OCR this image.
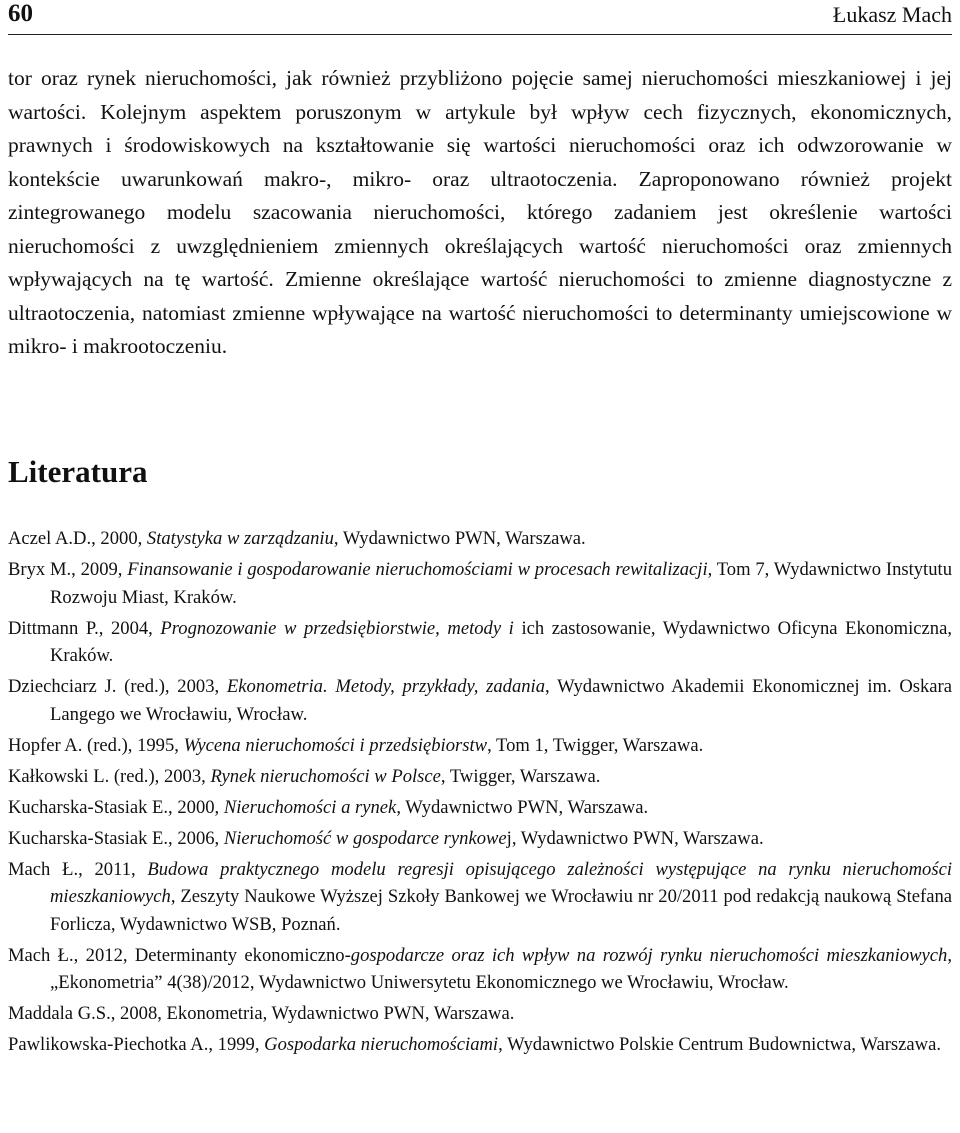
60	Łukasz Mach

tor oraz rynek nieruchomości, jak również przybliżono pojęcie samej nieruchomości mieszkaniowej i jej wartości. Kolejnym aspektem poruszonym w artykule był wpływ cech fizycznych, ekonomicznych, prawnych i środowiskowych na kształtowanie się wartości nieruchomości oraz ich odwzorowanie w kontekście uwarunkowań makro-, mikro- oraz ultraotoczenia. Zaproponowano również projekt zintegrowanego modelu szacowania nieruchomości, którego zadaniem jest określenie wartości nieruchomości z uwzględnieniem zmiennych określających wartość nieruchomości oraz zmiennych wpływających na tę wartość. Zmienne określające wartość nieruchomości to zmienne diagnostyczne z ultraotoczenia, natomiast zmienne wpływające na wartość nieruchomości to determinanty umiejscowione w mikro- i makrootoczeniu.

Literatura
Aczel A.D., 2000, Statystyka w zarządzaniu, Wydawnictwo PWN, Warszawa.
Bryx M., 2009, Finansowanie i gospodarowanie nieruchomościami w procesach rewitalizacji, Tom 7, Wydawnictwo Instytutu Rozwoju Miast, Kraków.
Dittmann P., 2004, Prognozowanie w przedsiębiorstwie, metody i ich zastosowanie, Wydawnictwo Oficyna Ekonomiczna, Kraków.
Dziechciarz J. (red.), 2003, Ekonometria. Metody, przykłady, zadania, Wydawnictwo Akademii Ekonomicznej im. Oskara Langego we Wrocławiu, Wrocław.
Hopfer A. (red.), 1995, Wycena nieruchomości i przedsiębiorstw, Tom 1, Twigger, Warszawa.
Kałkowski L. (red.), 2003, Rynek nieruchomości w Polsce, Twigger, Warszawa.
Kucharska-Stasiak E., 2000, Nieruchomości a rynek, Wydawnictwo PWN, Warszawa.
Kucharska-Stasiak E., 2006, Nieruchomość w gospodarce rynkowej, Wydawnictwo PWN, Warszawa.
Mach Ł., 2011, Budowa praktycznego modelu regresji opisującego zależności występujące na rynku nieruchomości mieszkaniowych, Zeszyty Naukowe Wyższej Szkoły Bankowej we Wrocławiu nr 20/2011 pod redakcją naukową Stefana Forlicza, Wydawnictwo WSB, Poznań.
Mach Ł., 2012, Determinanty ekonomiczno-gospodarcze oraz ich wpływ na rozwój rynku nieruchomości mieszkaniowych, „Ekonometria” 4(38)/2012, Wydawnictwo Uniwersytetu Ekonomicznego we Wrocławiu, Wrocław.
Maddala G.S., 2008, Ekonometria, Wydawnictwo PWN, Warszawa.
Pawlikowska-Piechotka A., 1999, Gospodarka nieruchomościami, Wydawnictwo Polskie Centrum Budownictwa, Warszawa.
